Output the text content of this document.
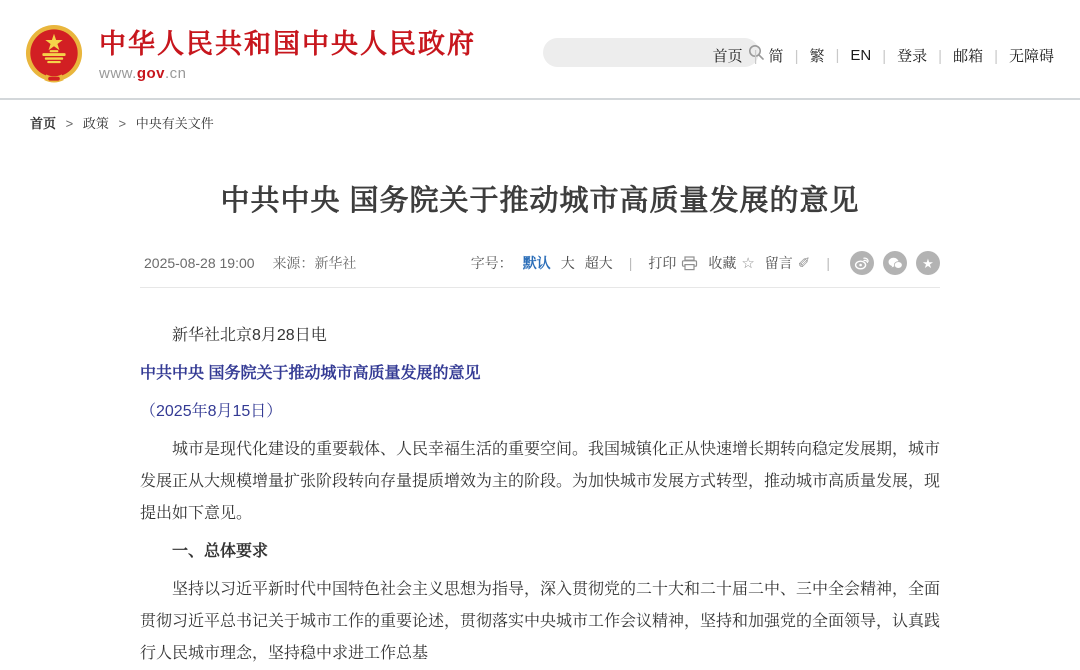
中华人民共和国中央人民政府
www.gov.cn
首页	| 简	| 繁	| EN	| 登录	| 邮箱	| 无障碍
首页 > 政策 > 中央有关文件
中共中央 国务院关于推动城市高质量发展的意见
2025-08-28 19:00 来源：新华社	字号： 默认 大 超大 | 打印 收藏 ☆ 留言 ✐ |	★

新华社北京8月28日电

中共中央 国务院关于推动城市高质量发展的意见

（2025年8月15日）

城市是现代化建设的重要载体、人民幸福生活的重要空间。我国城镇化正从快速增长期转向稳定发展期，城市发展正从大规模增量扩张阶段转向存量提质增效为主的阶段。为加快城市发展方式转型，推动城市高质量发展，现提出如下意见。

一、总体要求

坚持以习近平新时代中国特色社会主义思想为指导，深入贯彻党的二十大和二十届二中、三中全会精神，全面贯彻习近平总书记关于城市工作的重要论述，贯彻落实中央城市工作会议精神，坚持和加强党的全面领导，认真践行人民城市理念，坚持稳中求进工作总基
